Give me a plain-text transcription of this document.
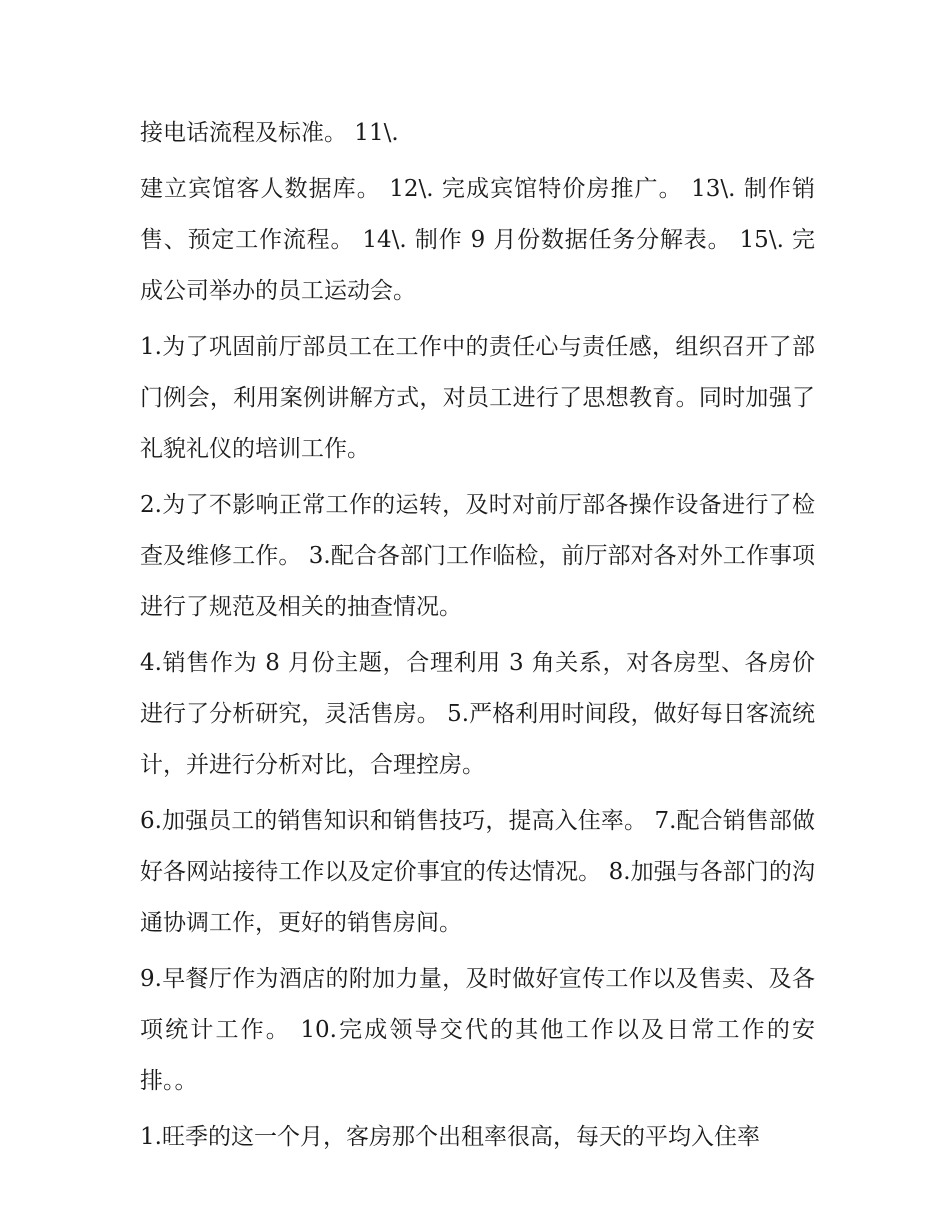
接电话流程及标准。 11\.

建立宾馆客人数据库。 12\. 完成宾馆特价房推广。 13\. 制作销售、预定工作流程。 14\. 制作 9 月份数据任务分解表。 15\. 完成公司举办的员工运动会。

1.为了巩固前厅部员工在工作中的责任心与责任感，组织召开了部门例会，利用案例讲解方式，对员工进行了思想教育。同时加强了礼貌礼仪的培训工作。

2.为了不影响正常工作的运转，及时对前厅部各操作设备进行了检查及维修工作。 3.配合各部门工作临检，前厅部对各对外工作事项进行了规范及相关的抽查情况。

4.销售作为 8 月份主题，合理利用 3 角关系，对各房型、各房价进行了分析研究，灵活售房。 5.严格利用时间段，做好每日客流统计，并进行分析对比，合理控房。

6.加强员工的销售知识和销售技巧，提高入住率。 7.配合销售部做好各网站接待工作以及定价事宜的传达情况。 8.加强与各部门的沟通协调工作，更好的销售房间。

9.早餐厅作为酒店的附加力量，及时做好宣传工作以及售卖、及各项统计工作。 10.完成领导交代的其他工作以及日常工作的安排。。

1.旺季的这一个月，客房那个出租率很高，每天的平均入住率
